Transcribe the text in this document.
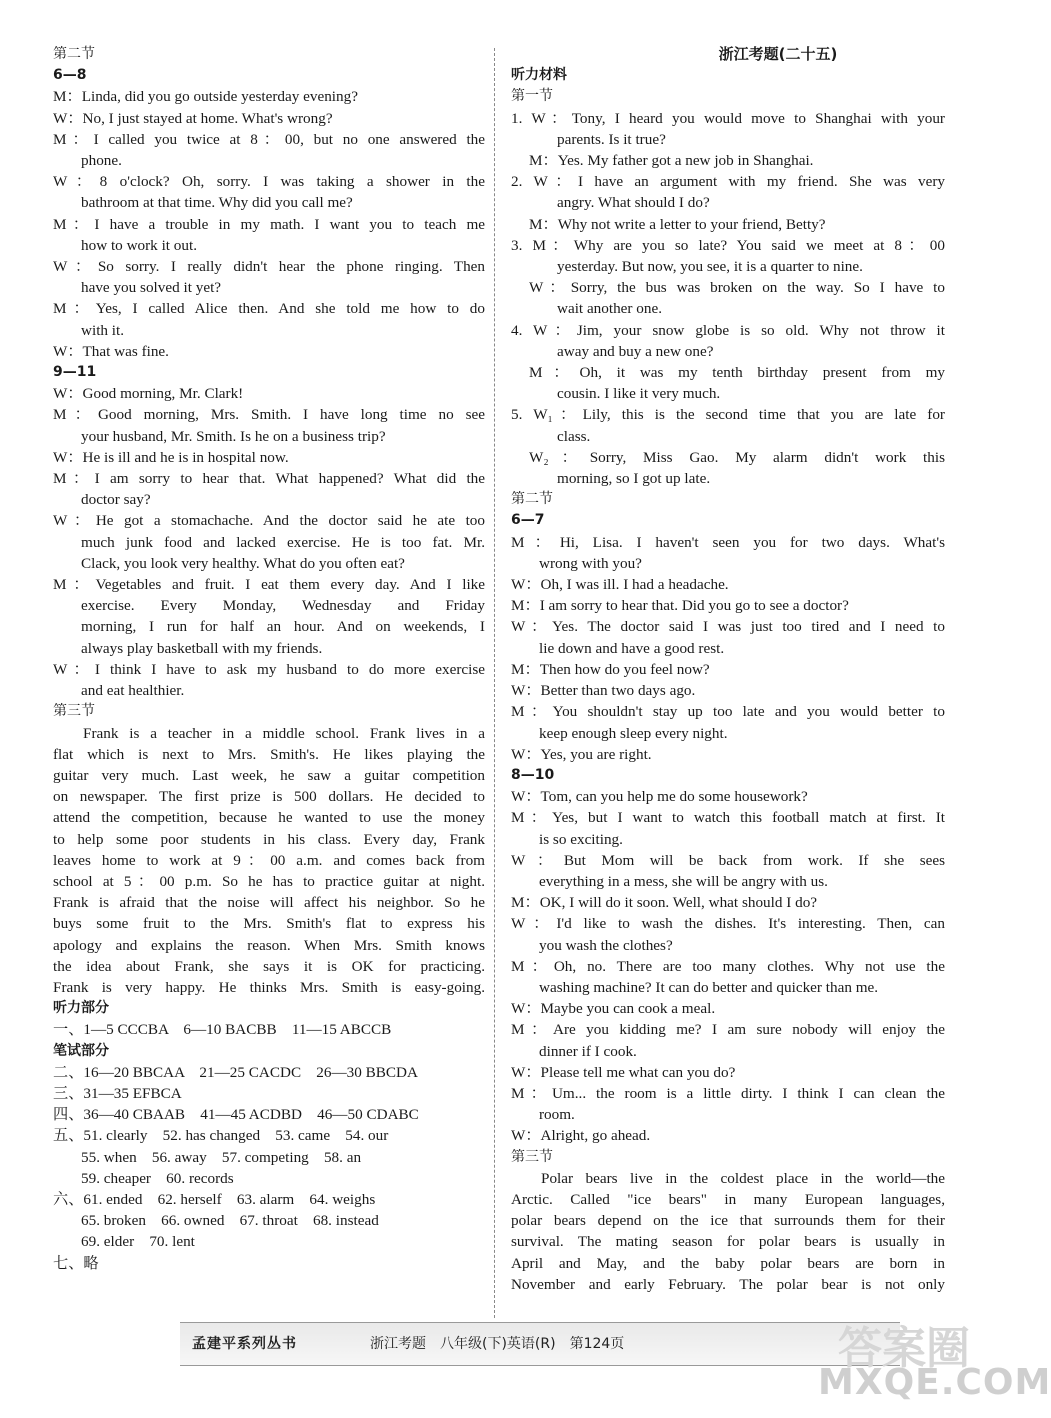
第二节
6—8
M：Linda, did you go outside yesterday evening?
W：No, I just stayed at home. What's wrong?
M：I called you twice at 8：00, but no one answered the
phone.
W：8 o'clock? Oh, sorry. I was taking a shower in the
bathroom at that time. Why did you call me?
M：I have a trouble in my math. I want you to teach me
how to work it out.
W：So sorry. I really didn't hear the phone ringing. Then
have you solved it yet?
M：Yes, I called Alice then. And she told me how to do
with it.
W：That was fine.
9—11
W：Good morning, Mr. Clark!
M：Good morning, Mrs. Smith. I have long time no see
your husband, Mr. Smith. Is he on a business trip?
W：He is ill and he is in hospital now.
M：I am sorry to hear that. What happened? What did the
doctor say?
W：He got a stomachache. And the doctor said he ate too
much junk food and lacked exercise. He is too fat. Mr.
Clack, you look very healthy. What do you often eat?
M：Vegetables and fruit. I eat them every day. And I like
exercise. Every Monday, Wednesday and Friday
morning, I run for half an hour. And on weekends, I
always play basketball with my friends.
W：I think I have to ask my husband to do more exercise
and eat healthier.
第三节
Frank is a teacher in a middle school. Frank lives in a
flat which is next to Mrs. Smith's. He likes playing the
guitar very much. Last week, he saw a guitar competition
on newspaper. The first prize is 500 dollars. He decided to
attend the competition, because he wanted to use the money
to help some poor students in his class. Every day, Frank
leaves home to work at 9：00 a.m. and comes back from
school at 5：00 p.m. So he has to practice guitar at night.
Frank is afraid that the noise will affect his neighbor. So he
buys some fruit to the Mrs. Smith's flat to express his
apology and explains the reason. When Mrs. Smith knows
the idea about Frank, she says it is OK for practicing.
Frank is very happy. He thinks Mrs. Smith is easy-going.
听力部分
一、1—5 CCCBA　6—10 BACBB　11—15 ABCCB
笔试部分
二、16—20 BBCAA　21—25 CACDC　26—30 BBCDA
三、31—35 EFBCA
四、36—40 CBAAB　41—45 ACDBD　46—50 CDABC
五、51. clearly　52. has changed　53. came　54. our
55. when　56. away　57. competing　58. an
59. cheaper　60. records
六、61. ended　62. herself　63. alarm　64. weighs
65. broken　66. owned　67. throat　68. instead
69. elder　70. lent
七、略
浙江考题(二十五)
听力材料
第一节
1. W：Tony, I heard you would move to Shanghai with your
parents. Is it true?
M：Yes. My father got a new job in Shanghai.
2. W：I have an argument with my friend. She was very
angry. What should I do?
M：Why not write a letter to your friend, Betty?
3. M：Why are you so late? You said we meet at 8：00
yesterday. But now, you see, it is a quarter to nine.
W：Sorry, the bus was broken on the way. So I have to
wait another one.
4. W：Jim, your snow globe is so old. Why not throw it
away and buy a new one?
M：Oh, it was my tenth birthday present from my
cousin. I like it very much.
5. W₁：Lily, this is the second time that you are late for
class.
W₂：Sorry, Miss Gao. My alarm didn't work this
morning, so I got up late.
第二节
6—7
M：Hi, Lisa. I haven't seen you for two days. What's
wrong with you?
W：Oh, I was ill. I had a headache.
M：I am sorry to hear that. Did you go to see a doctor?
W：Yes. The doctor said I was just too tired and I need to
lie down and have a good rest.
M：Then how do you feel now?
W：Better than two days ago.
M：You shouldn't stay up too late and you would better to
keep enough sleep every night.
W：Yes, you are right.
8—10
W：Tom, can you help me do some housework?
M：Yes, but I want to watch this football match at first. It
is so exciting.
W：But Mom will be back from work. If she sees
everything in a mess, she will be angry with us.
M：OK, I will do it soon. Well, what should I do?
W：I'd like to wash the dishes. It's interesting. Then, can
you wash the clothes?
M：Oh, no. There are too many clothes. Why not use the
washing machine? It can do better and quicker than me.
W：Maybe you can cook a meal.
M：Are you kidding me? I am sure nobody will enjoy the
dinner if I cook.
W：Please tell me what can you do?
M：Um... the room is a little dirty. I think I can clean the
room.
W：Alright, go ahead.
第三节
Polar bears live in the coldest place in the world—the
Arctic. Called "ice bears" in many European languages,
polar bears depend on the ice that surrounds them for their
survival. The mating season for polar bears is usually in
April and May, and the baby polar bears are born in
November and early February. The polar bear is not only
孟建平系列丛书	浙江考题　八年级(下)英语(R)　第124页	答案圈
MXQE.COM
